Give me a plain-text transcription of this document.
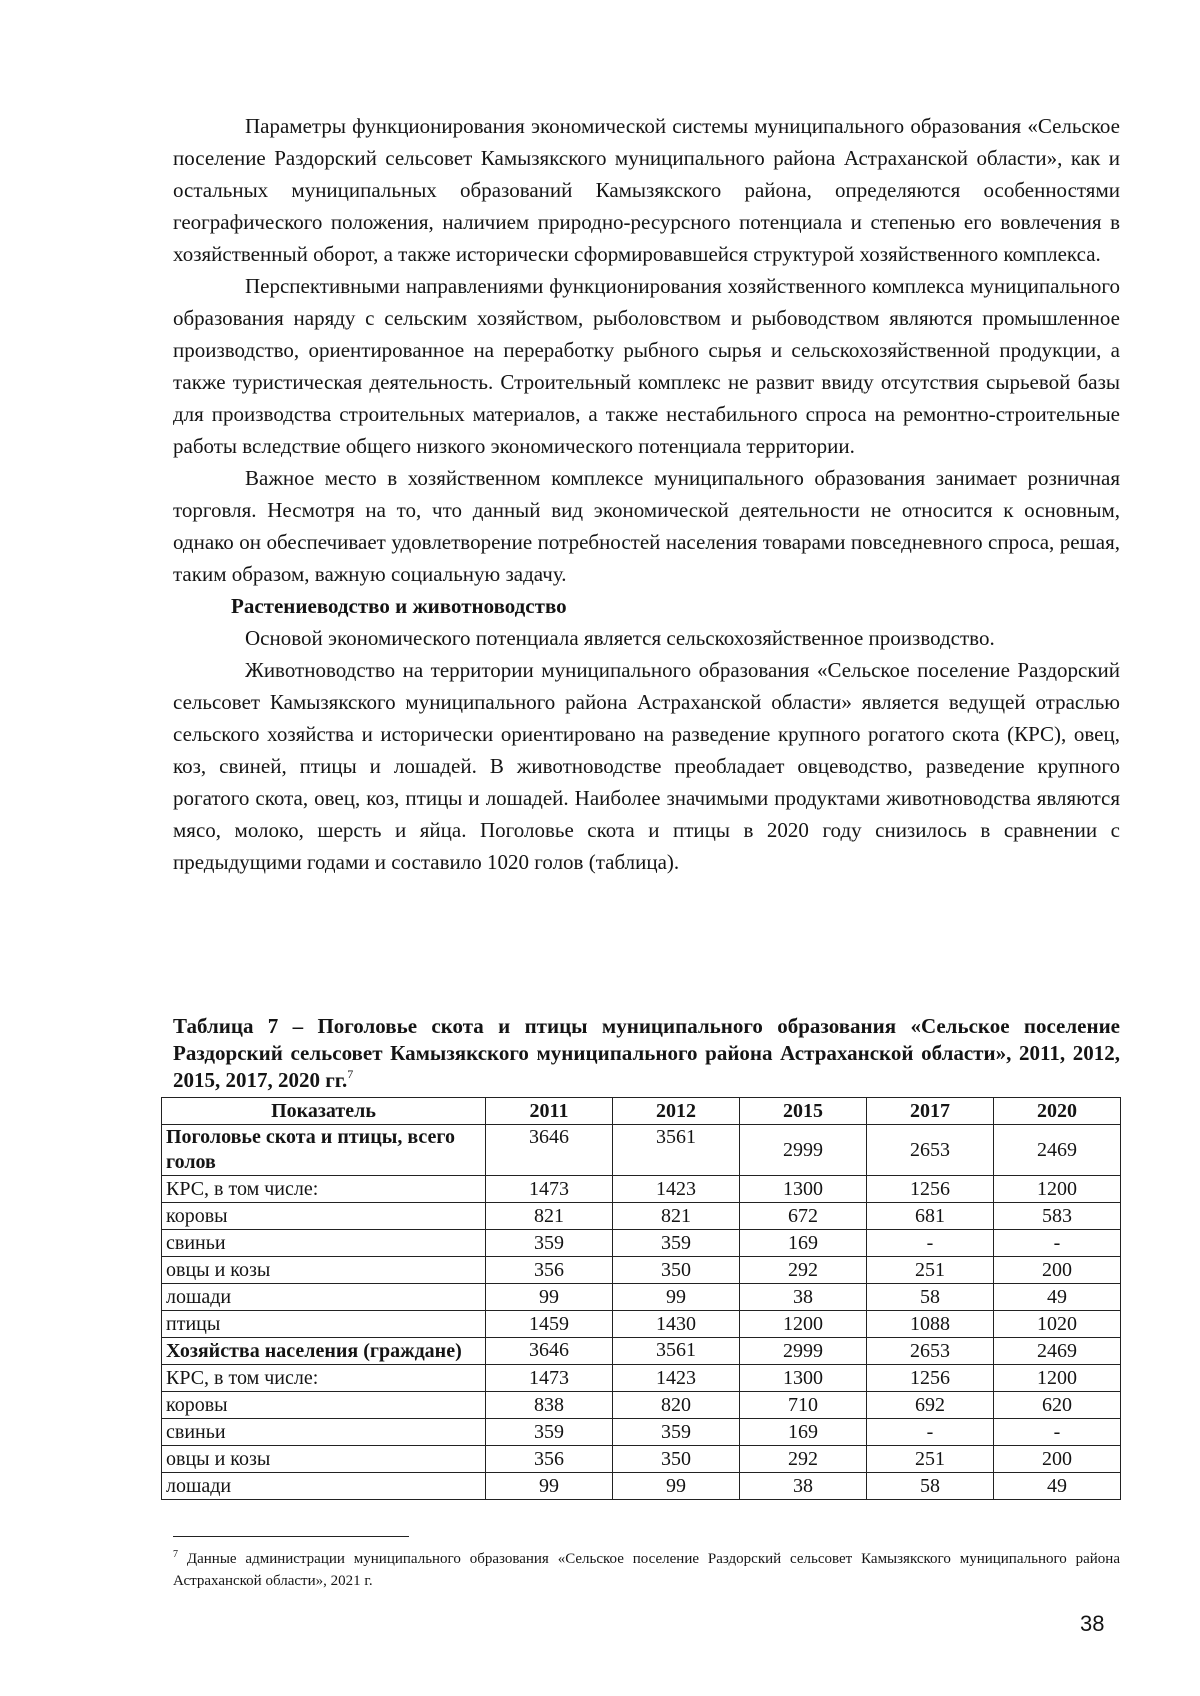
Параметры функционирования экономической системы муниципального образования «Сельское поселение Раздорский сельсовет Камызякского муниципального района Астраханской области», как и остальных муниципальных образований Камызякского района, определяются особенностями географического положения, наличием природно-ресурсного потенциала и степенью его вовлечения в хозяйственный оборот, а также исторически сформировавшейся структурой хозяйственного комплекса.

Перспективными направлениями функционирования хозяйственного комплекса муниципального образования наряду с сельским хозяйством, рыболовством и рыбоводством являются промышленное производство, ориентированное на переработку рыбного сырья и сельскохозяйственной продукции, а также туристическая деятельность. Строительный комплекс не развит ввиду отсутствия сырьевой базы для производства строительных материалов, а также нестабильного спроса на ремонтно-строительные работы вследствие общего низкого экономического потенциала территории.

Важное место в хозяйственном комплексе муниципального образования занимает розничная торговля. Несмотря на то, что данный вид экономической деятельности не относится к основным, однако он обеспечивает удовлетворение потребностей населения товарами повседневного спроса, решая, таким образом, важную социальную задачу.

Растениеводство и животноводство

Основой экономического потенциала является сельскохозяйственное производство.

Животноводство на территории муниципального образования «Сельское поселение Раздорский сельсовет Камызякского муниципального района Астраханской области» является ведущей отраслью сельского хозяйства и исторически ориентировано на разведение крупного рогатого скота (КРС), овец, коз, свиней, птицы и лошадей. В животноводстве преобладает овцеводство, разведение крупного рогатого скота, овец, коз, птицы и лошадей. Наиболее значимыми продуктами животноводства являются мясо, молоко, шерсть и яйца. Поголовье скота и птицы в 2020 году снизилось в сравнении с предыдущими годами и составило 1020 голов (таблица).

Таблица 7 – Поголовье скота и птицы муниципального образования «Сельское поселение Раздорский сельсовет Камызякского муниципального района Астраханской области», 2011, 2012, 2015, 2017, 2020 гг.$^7$

Показатель	2011	2012	2015	2017	2020
Поголовье скота и птицы, всего голов	3646	3561	2999	2653	2469
КРС, в том числе:	1473	1423	1300	1256	1200
коровы	821	821	672	681	583
свиньи	359	359	169	-	-
овцы и козы	356	350	292	251	200
лошади	99	99	38	58	49
птицы	1459	1430	1200	1088	1020
Хозяйства населения (граждане)	3646	3561	2999	2653	2469
КРС, в том числе:	1473	1423	1300	1256	1200
коровы	838	820	710	692	620
свиньи	359	359	169	-	-
овцы и козы	356	350	292	251	200
лошади	99	99	38	58	49

$^7$ Данные администрации муниципального образования «Сельское поселение Раздорский сельсовет Камызякского муниципального района Астраханской области», 2021 г.

38
